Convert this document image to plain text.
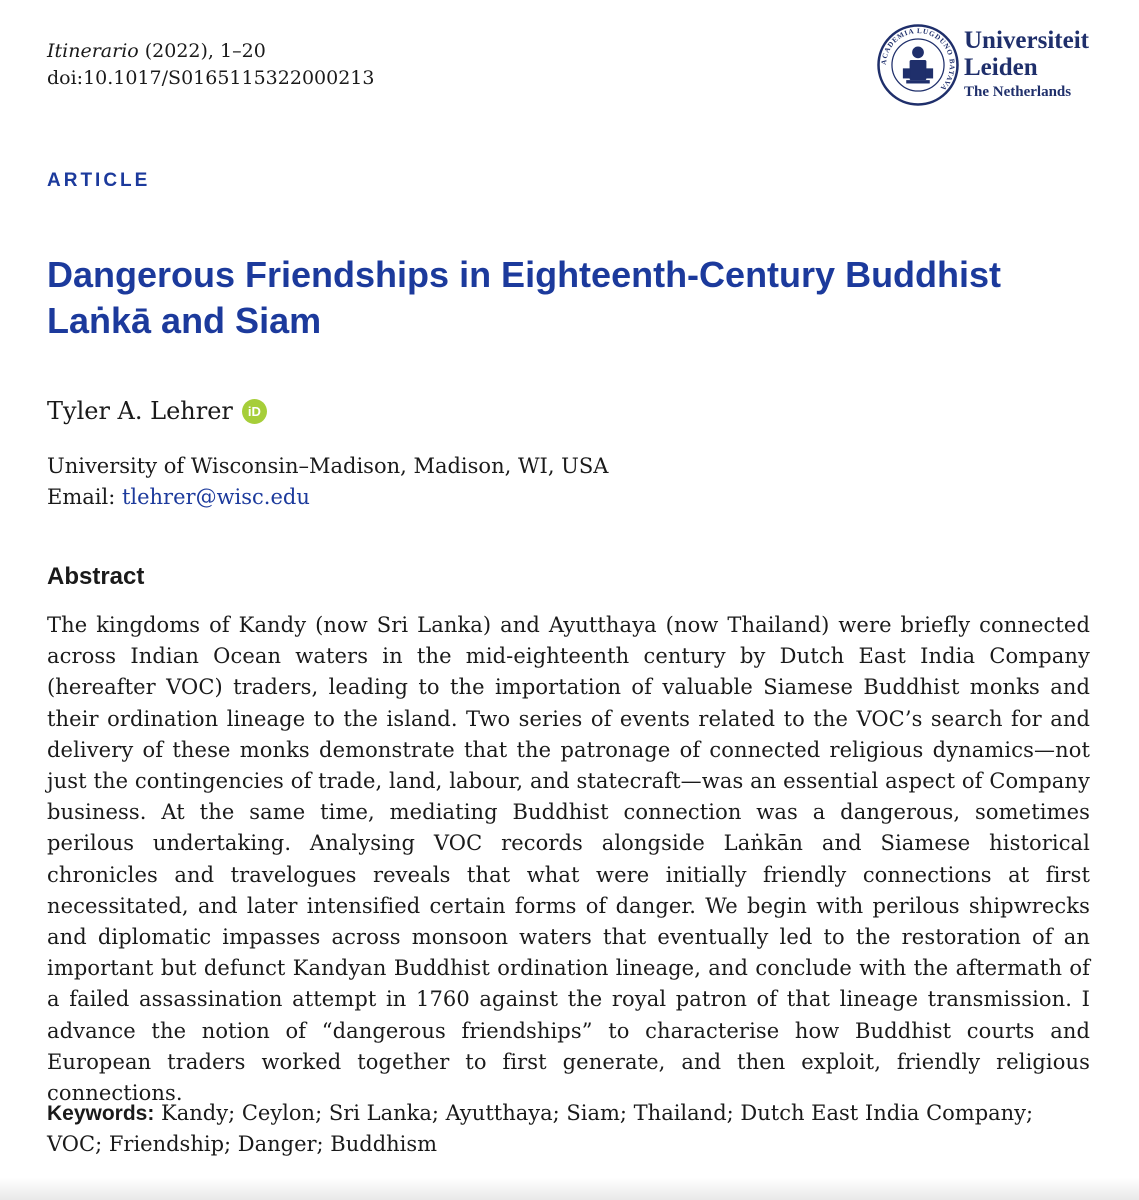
Itinerario (2022), 1–20
doi:10.1017/S0165115322000213
ACADEMIA LUGDUNO BATAVA
Universiteit
Leiden
The Netherlands
ARTICLE
Dangerous Friendships in Eighteenth-Century Buddhist Laṅkā and Siam
Tyler A. Lehrer	iD
University of Wisconsin–Madison, Madison, WI, USA
Email: tlehrer@wisc.edu
Abstract

The kingdoms of Kandy (now Sri Lanka) and Ayutthaya (now Thailand) were briefly connected across Indian Ocean waters in the mid-eighteenth century by Dutch East India Company (hereafter VOC) traders, leading to the importation of valuable Siamese Buddhist monks and their ordination lineage to the island. Two series of events related to the VOC’s search for and delivery of these monks demonstrate that the patronage of connected religious dynamics—not just the contingencies of trade, land, labour, and statecraft—was an essential aspect of Company business. At the same time, mediating Buddhist connection was a dangerous, sometimes perilous undertaking. Analysing VOC records alongside Laṅkān and Siamese historical chronicles and travelogues reveals that what were initially friendly connections at first necessitated, and later intensified certain forms of danger. We begin with perilous shipwrecks and diplomatic impasses across monsoon waters that eventually led to the restoration of an important but defunct Kandyan Buddhist ordination lineage, and conclude with the aftermath of a failed assassination attempt in 1760 against the royal patron of that lineage transmission. I advance the notion of “dangerous friendships” to characterise how Buddhist courts and European traders worked together to first generate, and then exploit, friendly religious connections.

Keywords: Kandy; Ceylon; Sri Lanka; Ayutthaya; Siam; Thailand; Dutch East India Company; VOC; Friendship; Danger; Buddhism
